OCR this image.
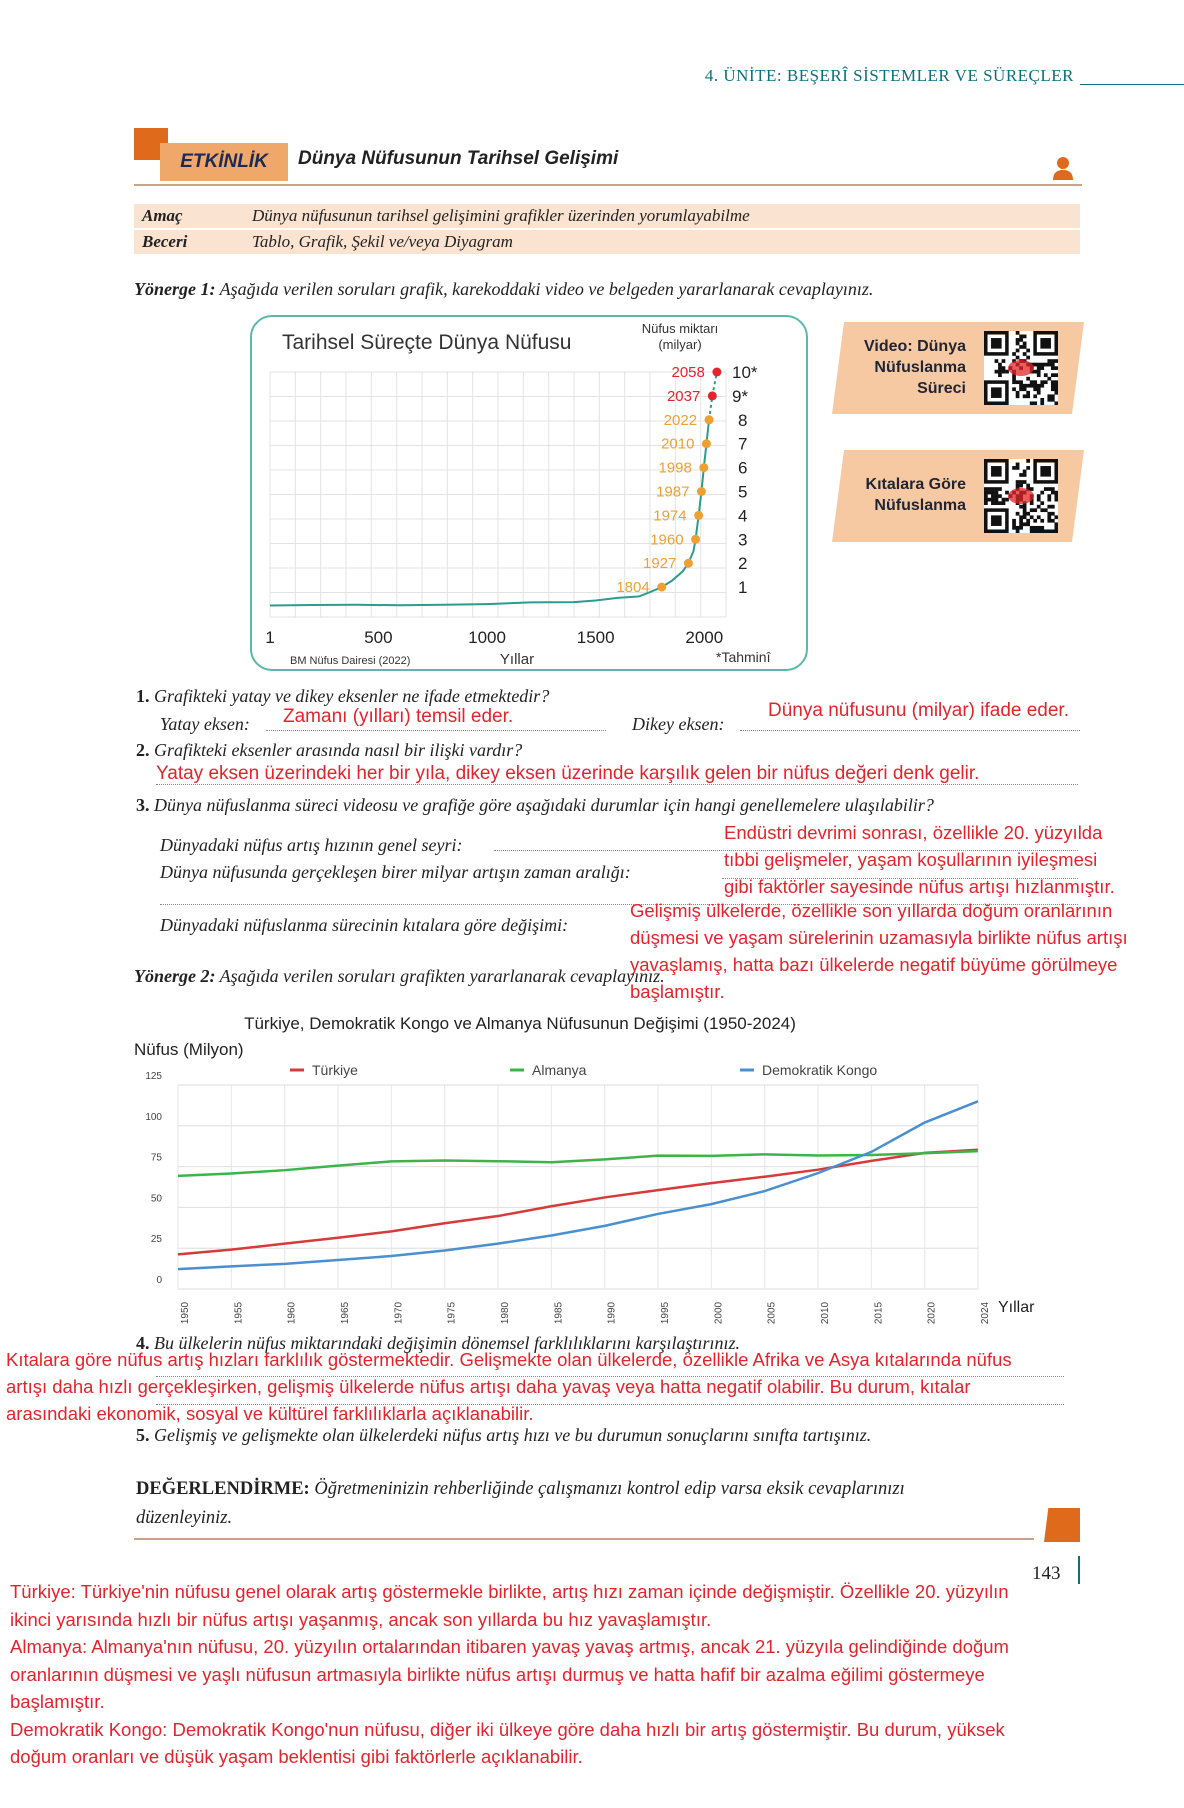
4. ÜNİTE: BEŞERÎ SİSTEMLER VE SÜREÇLER
ETKİNLİK	Dünya Nüfusunun Tarihsel Gelişimi
Amaç	Dünya nüfusunun tarihsel gelişimini grafikler üzerinden yorumlayabilme
Beceri	Tablo, Grafik, Şekil ve/veya Diyagram
Yönerge 1: Aşağıda verilen soruları grafik, karekoddaki video ve belgeden yararlanarak cevaplayınız.
Tarihsel Süreçte Dünya Nüfusu
Nüfus miktarı
(milyar)
1	500	1000	1500	2000
Yıllar
BM Nüfus Dairesi (2022)	*Tahminî
1804	1
1927	2
1960	3
1974	4
1987	5
1998	6
2010	7
2022 8
2037 9*
2058 10*
Video: Dünya
Nüfuslanma
Süreci
Kıtalara Göre
Nüfuslanma
1. Grafikteki yatay ve dikey eksenler ne ifade etmektedir?
Yatay eksen: Zamanı (yılları) temsil eder.	Dikey eksen:
Dünya nüfusunu (milyar) ifade eder.
2. Grafikteki eksenler arasında nasıl bir ilişki vardır?
Yatay eksen üzerindeki her bir yıla, dikey eksen üzerinde karşılık gelen bir nüfus değeri denk gelir.
3. Dünya nüfuslanma süreci videosu ve grafiğe göre aşağıdaki durumlar için hangi genellemelere ulaşılabilir?
Dünyadaki nüfus artış hızının genel seyri:
Dünya nüfusunda gerçekleşen birer milyar artışın zaman aralığı:
Endüstri devrimi sonrası, özellikle 20. yüzyılda
tıbbi gelişmeler, yaşam koşullarının iyileşmesi
gibi faktörler sayesinde nüfus artışı hızlanmıştır.
Dünyadaki nüfuslanma sürecinin kıtalara göre değişimi:
Gelişmiş ülkelerde, özellikle son yıllarda doğum oranlarının
düşmesi ve yaşam sürelerinin uzamasıyla birlikte nüfus artışı
yavaşlamış, hatta bazı ülkelerde negatif büyüme görülmeye
başlamıştır.
Yönerge 2: Aşağıda verilen soruları grafikten yararlanarak cevaplayınız.
Türkiye, Demokratik Kongo ve Almanya Nüfusunun Değişimi (1950-2024)
Nüfus (Milyon)
Yıllar
Türkiye	Almanya	Demokratik Kongo
0
25
50
75
100
125
1950	1955	1960	1965	1970	1975	1980	1985	1990	1995	2000	2005	2010	2015	2020	2024
4. Bu ülkelerin nüfus miktarındaki değişimin dönemsel farklılıklarını karşılaştırınız.
Kıtalara göre nüfus artış hızları farklılık göstermektedir. Gelişmekte olan ülkelerde, özellikle Afrika ve Asya kıtalarında nüfus
artışı daha hızlı gerçekleşirken, gelişmiş ülkelerde nüfus artışı daha yavaş veya hatta negatif olabilir. Bu durum, kıtalar
arasındaki ekonomik, sosyal ve kültürel farklılıklarla açıklanabilir.
5. Gelişmiş ve gelişmekte olan ülkelerdeki nüfus artış hızı ve bu durumun sonuçlarını sınıfta tartışınız.
DEĞERLENDİRME: Öğretmeninizin rehberliğinde çalışmanızı kontrol edip varsa eksik cevaplarınızı
düzenleyiniz.
143
Türkiye: Türkiye'nin nüfusu genel olarak artış göstermekle birlikte, artış hızı zaman içinde değişmiştir. Özellikle 20. yüzyılın
ikinci yarısında hızlı bir nüfus artışı yaşanmış, ancak son yıllarda bu hız yavaşlamıştır.
Almanya: Almanya'nın nüfusu, 20. yüzyılın ortalarından itibaren yavaş yavaş artmış, ancak 21. yüzyıla gelindiğinde doğum
oranlarının düşmesi ve yaşlı nüfusun artmasıyla birlikte nüfus artışı durmuş ve hatta hafif bir azalma eğilimi göstermeye
başlamıştır.
Demokratik Kongo: Demokratik Kongo'nun nüfusu, diğer iki ülkeye göre daha hızlı bir artış göstermiştir. Bu durum, yüksek
doğum oranları ve düşük yaşam beklentisi gibi faktörlerle açıklanabilir.
